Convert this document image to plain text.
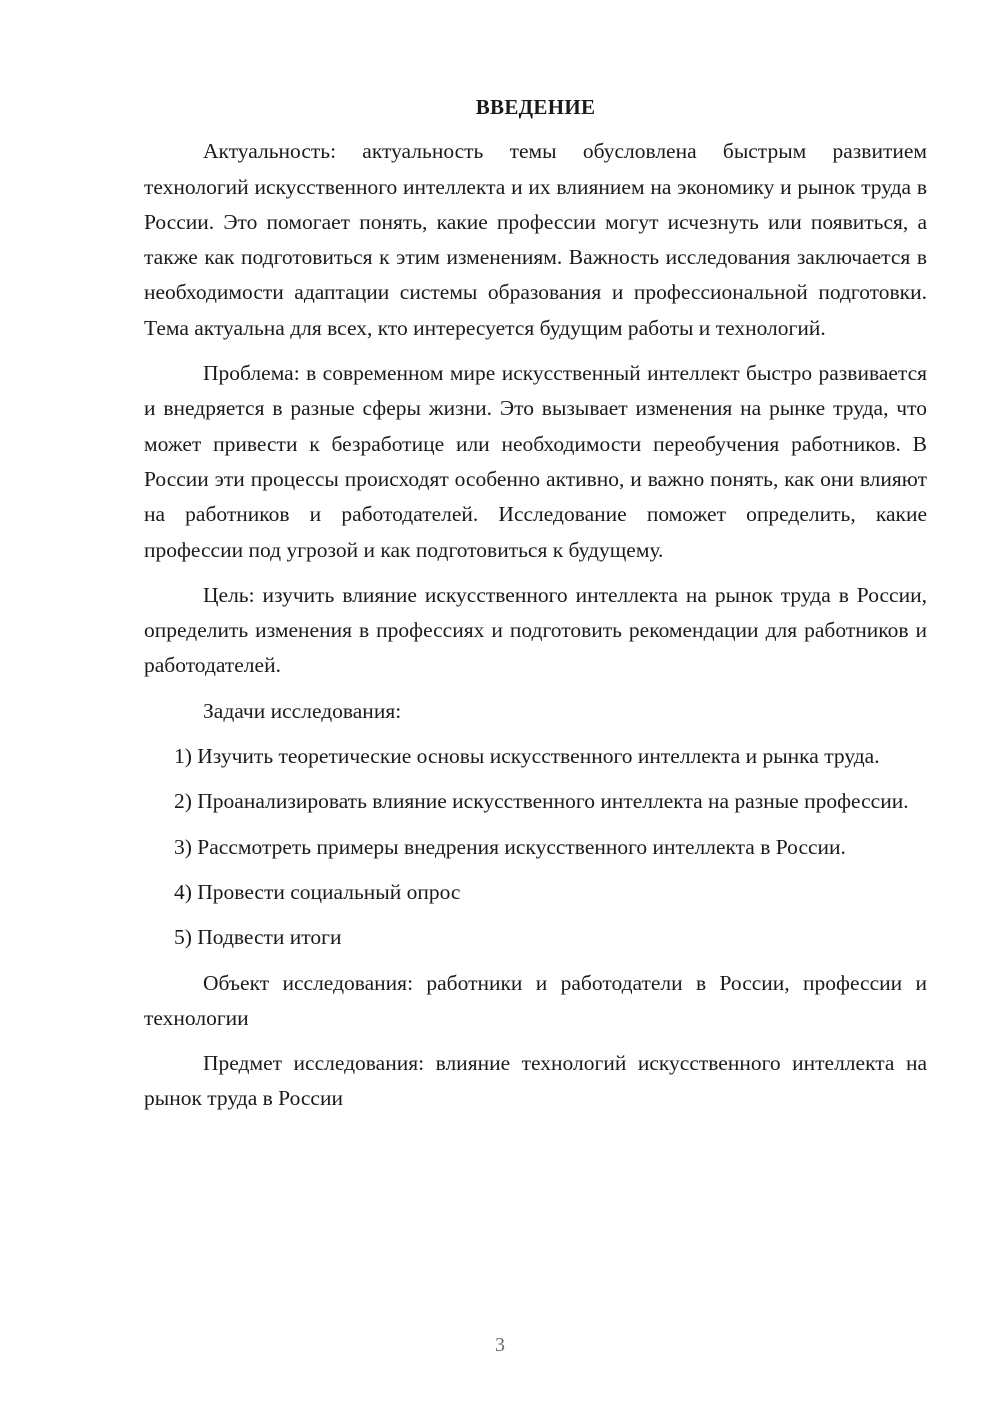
ВВЕДЕНИЕ

Актуальность: актуальность темы обусловлена быстрым развитием технологий искусственного интеллекта и их влиянием на экономику и рынок труда в России. Это помогает понять, какие профессии могут исчезнуть или появиться, а также как подготовиться к этим изменениям. Важность исследования заключается в необходимости адаптации системы образования и профессиональной подготовки. Тема актуальна для всех, кто интересуется будущим работы и технологий.

Проблема: в современном мире искусственный интеллект быстро развивается и внедряется в разные сферы жизни. Это вызывает изменения на рынке труда, что может привести к безработице или необходимости переобучения работников. В России эти процессы происходят особенно активно, и важно понять, как они влияют на работников и работодателей. Исследование поможет определить, какие профессии под угрозой и как подготовиться к будущему.

Цель: изучить влияние искусственного интеллекта на рынок труда в России, определить изменения в профессиях и подготовить рекомендации для работников и работодателей.

Задачи исследования:

1) Изучить теоретические основы искусственного интеллекта и рынка труда.

2) Проанализировать влияние искусственного интеллекта на разные профессии.

3) Рассмотреть примеры внедрения искусственного интеллекта в России.

4) Провести социальный опрос

5) Подвести итоги

Объект исследования: работники и работодатели в России, профессии и технологии

Предмет исследования: влияние технологий искусственного интеллекта на рынок труда в России

3
